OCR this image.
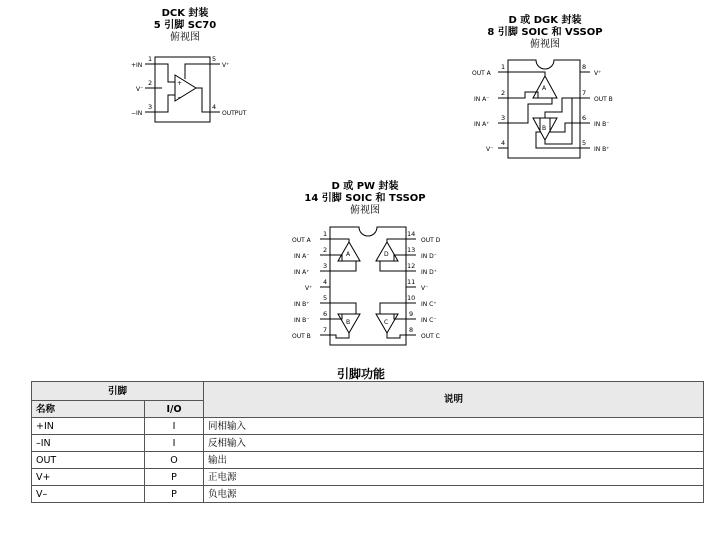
DCK 封装
5 引脚 SC70
俯视图
+
−
+IN
V⁻
−IN	OUTPUT
V⁺
1
2
3	4
5
D 或 DGK 封装
8 引脚 SOIC 和 VSSOP
俯视图
A
B
OUT A
IN A⁻
IN A⁺
V⁻	IN B⁺
IN B⁻
OUT B
V⁺
1
2
3
4	5
6
7
8
D 或 PW 封装
14 引脚 SOIC 和 TSSOP
俯视图
A	D
B	C
OUT A
IN A⁻
IN A⁺
V⁺
IN B⁺
IN B⁻
OUT B	OUT C
IN C⁻
IN C⁺
V⁻
IN D⁺
IN D⁻
OUT D
1
2
3
4
5
6
7	8
9
10
11
12
13
14
引脚功能
引脚		说明
名称	I/O	
+IN	I	同相输入
–IN	I	反相输入
OUT	O	输出
V+	P	正电源
V–	P	负电源
